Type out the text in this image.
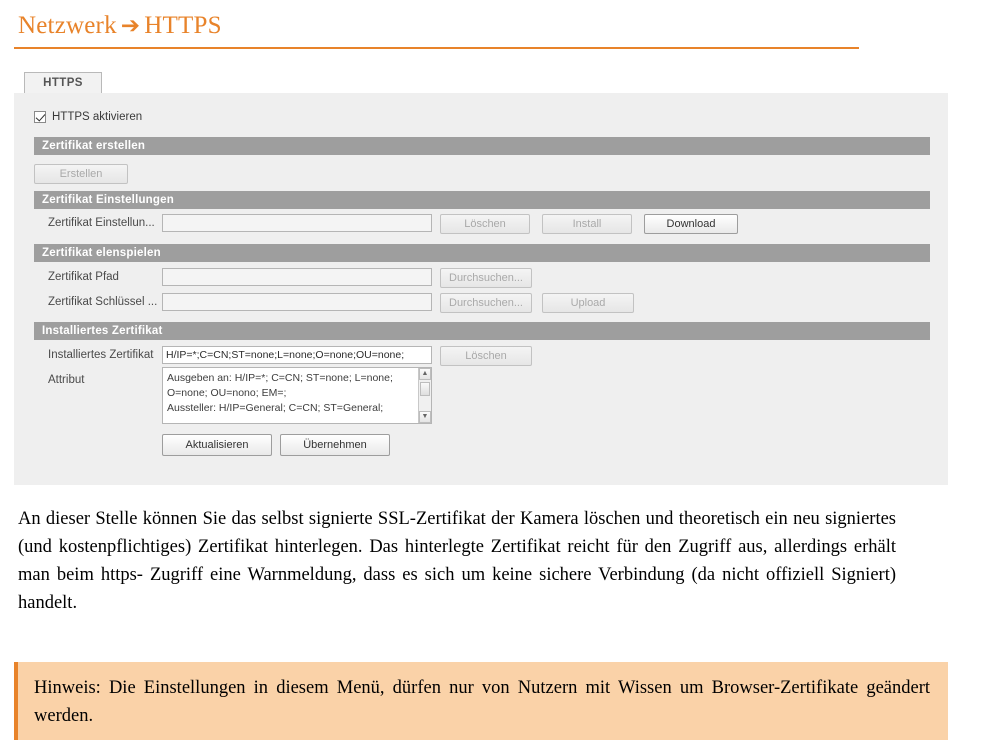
Netzwerk ➔ HTTPS
HTTPS
HTTPS aktivieren
Zertifikat erstellen
Erstellen
Zertifikat Einstellungen
Zertifikat Einstellun...	Löschen	Install	Download
Zertifikat elenspielen
Zertifikat Pfad	Durchsuchen...
Zertifikat Schlüssel ...	Durchsuchen...	Upload
Installiertes Zertifikat
Installiertes Zertifikat	H/IP=*;C=CN;ST=none;L=none;O=none;OU=none;	Löschen
Attribut	Ausgeben an: H/IP=*; C=CN; ST=none; L=none;
O=none; OU=nono; EM=;
Aussteller: H/IP=General; C=CN; ST=General;
▲
▼
Aktualisieren	Übernehmen
An dieser Stelle können Sie das selbst signierte SSL-Zertifikat der Kamera löschen und theoretisch ein neu signiertes (und kostenpflichtiges) Zertifikat hinterlegen. Das hinterlegte Zertifikat reicht für den Zugriff aus, allerdings erhält man beim https- Zugriff eine Warnmeldung, dass es sich um keine sichere Verbindung (da nicht offiziell Signiert) handelt.
Hinweis: Die Einstellungen in diesem Menü, dürfen nur von Nutzern mit Wissen um Browser-Zertifikate geändert werden.
